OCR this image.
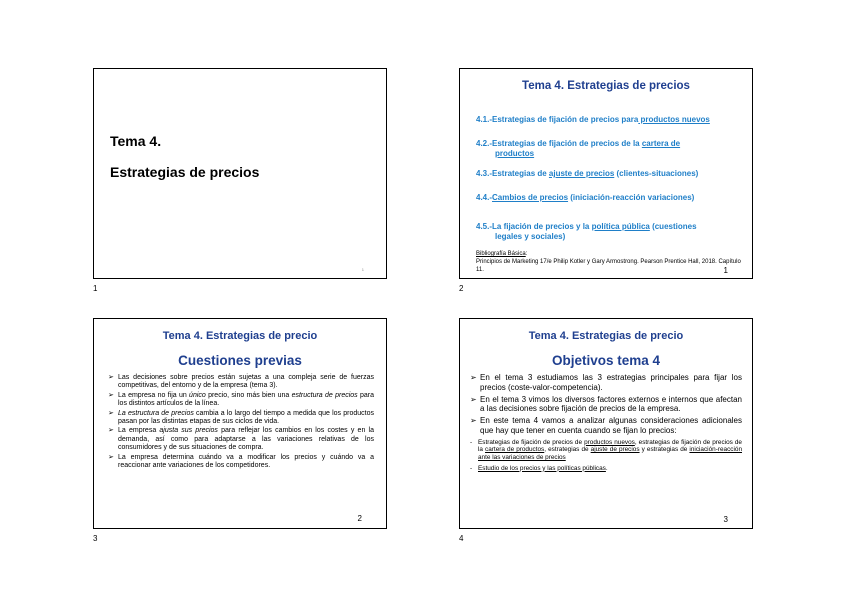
Tema 4.
Estrategias de precios
1
1
Tema 4. Estrategias de precios
4.1.-Estrategias de fijación de precios para productos nuevos
4.2.-Estrategias de fijación de precios de la cartera de
productos
4.3.-Estrategias de ajuste de precios (clientes-situaciones)
4.4.-Cambios de precios (iniciación-reacción variaciones)
4.5.-La fijación de precios y la política pública (cuestiones
legales y sociales)
Bibliografía Básica:
Principios de Marketing 17/e Philip Kotler y Gary Armostrong. Pearson Prentice Hall, 2018. Capítulo 11.	1
2
Tema 4. Estrategias de precio
Cuestiones previas
➢ Las decisiones sobre precios están sujetas a una compleja serie de fuerzas competitivas, del entorno y de la empresa (tema 3).
➢ La empresa no fija un único precio, sino más bien una estructura de precios para los distintos artículos de la línea.
➢ La estructura de precios cambia a lo largo del tiempo a medida que los productos pasan por las distintas etapas de sus ciclos de vida.
➢ La empresa ajusta sus precios para reflejar los cambios en los costes y en la demanda, así como para adaptarse a las variaciones relativas de los consumidores y de sus situaciones de compra.
➢ La empresa determina cuándo va a modificar los precios y cuándo va a reaccionar ante variaciones de los competidores.
2
3
Tema 4. Estrategias de precio
Objetivos tema 4
➢ En el tema 3 estudiamos las 3 estrategias principales para fijar los precios (coste-valor-competencia).
➢ En el tema 3 vimos los diversos factores externos e internos que afectan a las decisiones sobre fijación de precios de la empresa.
➢ En este tema 4 vamos a analizar algunas consideraciones adicionales que hay que tener en cuenta cuando se fijan lo precios:
- Estrategias de fijación de precios de productos nuevos, estrategias de fijación de precios de la cartera de productos, estrategias de ajuste de precios y estrategias de iniciación-reacción ante las variaciones de precios
- Estudio de los precios y las políticas públicas.
3
4
